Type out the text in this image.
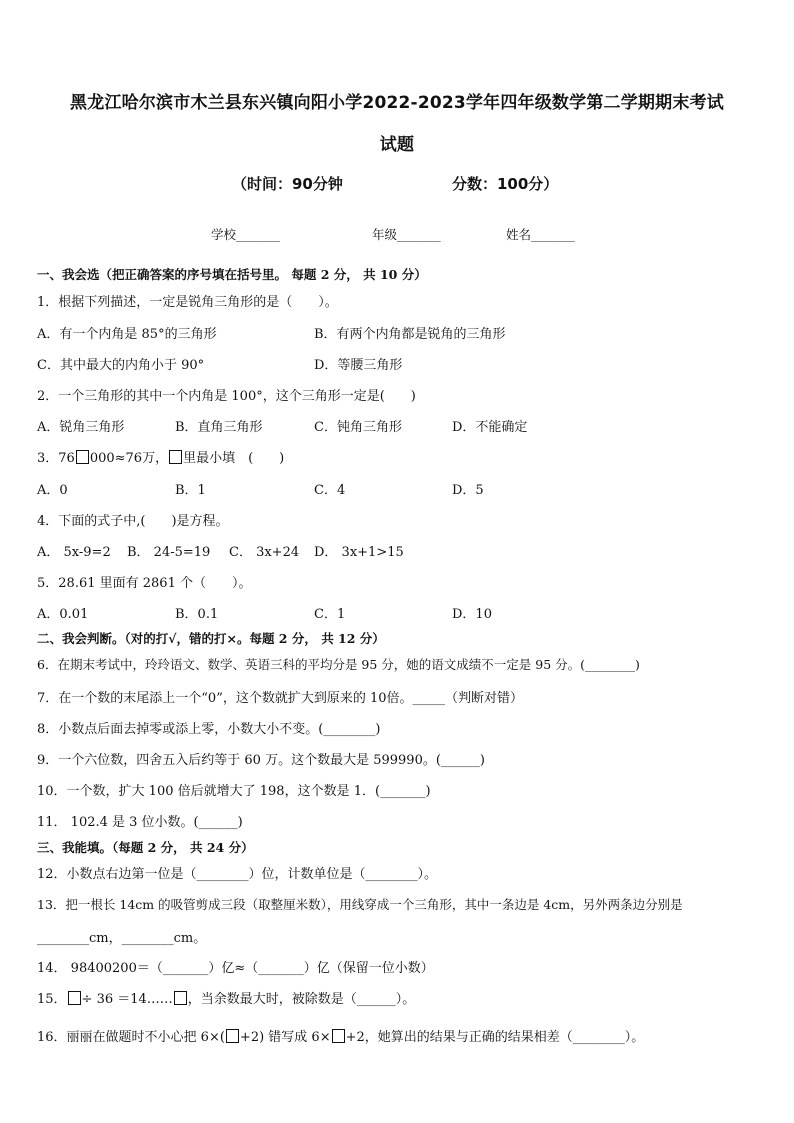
黑龙江哈尔滨市木兰县东兴镇向阳小学2022-2023学年四年级数学第二学期期末考试
试题
（时间：90分钟	分数：100分）
学校_______	年级_______	姓名_______
一、我会选（把正确答案的序号填在括号里。 每题 2 分， 共 10 分）
1．根据下列描述，一定是锐角三角形的是（　　）。
A．有一个内角是 85°的三角形	B．有两个内角都是锐角的三角形
C．其中最大的内角小于 90°	D．等腰三角形
2．一个三角形的其中一个内角是 100°，这个三角形一定是(　　)
A．锐角三角形	B．直角三角形	C．钝角三角形	D．不能确定
3．76 000≈76万， 里最小填　(　　)
A．0	B．1	C．4	D．5
4．下面的式子中,(　　)是方程。
A． 5x-9=2 B． 24-5=19 C． 3x+24 D． 3x+1>15
5．28.61 里面有 2861 个（　　）。
A．0.01	B．0.1	C．1	D．10
二、我会判断。（对的打√，错的打×。每题 2 分， 共 12 分）
6．在期末考试中，玲玲语文、数学、英语三科的平均分是 95 分，她的语文成绩不一定是 95 分。(________)
7．在一个数的末尾添上一个“0”，这个数就扩大到原来的 10倍。_____（判断对错）
8．小数点后面去掉零或添上零，小数大小不变。(________)
9．一个六位数，四舍五入后约等于 60 万。这个数最大是 599990。(______)
10．一个数，扩大 100 倍后就增大了 198，这个数是 1．(_______)
11． 102.4 是 3 位小数。(______)
三、我能填。（每题 2 分， 共 24 分）
12．小数点右边第一位是（________）位，计数单位是（________）。
13．把一根长 14cm 的吸管剪成三段（取整厘米数），用线穿成一个三角形，其中一条边是 4cm，另外两条边分别是
________cm，________cm。
14． 98400200＝（_______）亿≈（_______）亿（保留一位小数）
15． ÷ 36 ＝14…… ，当余数最大时，被除数是（______）。
16．丽丽在做题时不小心把 6×( +2) 错写成 6× +2，她算出的结果与正确的结果相差（________）。
